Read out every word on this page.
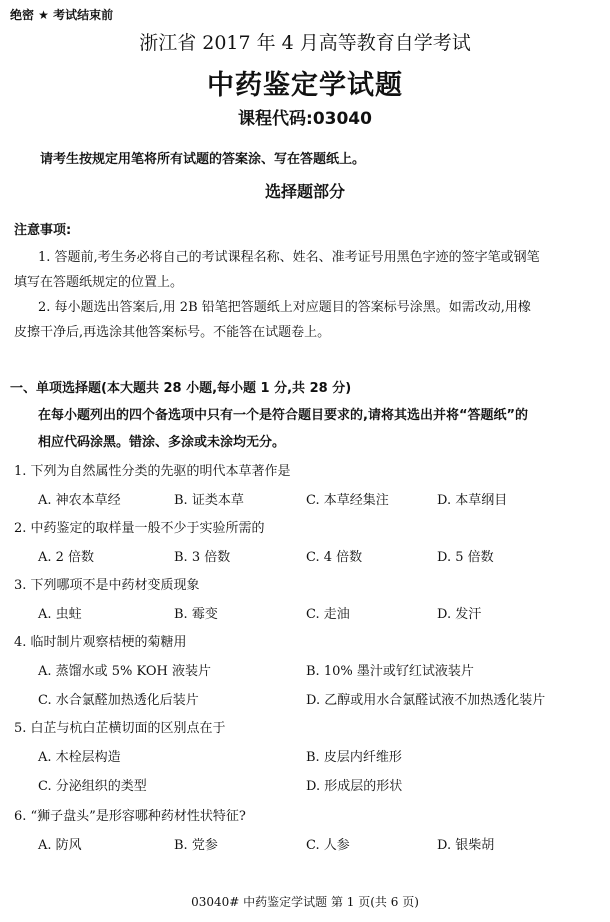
绝密 ★ 考试结束前
浙江省 2017 年 4 月高等教育自学考试
中药鉴定学试题
课程代码:03040
请考生按规定用笔将所有试题的答案涂、写在答题纸上。
选择题部分
注意事项:
1. 答题前,考生务必将自己的考试课程名称、姓名、准考证号用黑色字迹的签字笔或钢笔
填写在答题纸规定的位置上。
2. 每小题选出答案后,用 2B 铅笔把答题纸上对应题目的答案标号涂黑。如需改动,用橡
皮擦干净后,再选涂其他答案标号。不能答在试题卷上。
一、单项选择题(本大题共 28 小题,每小题 1 分,共 28 分)
在每小题列出的四个备选项中只有一个是符合题目要求的,请将其选出并将“答题纸”的
相应代码涂黑。错涂、多涂或未涂均无分。
1. 下列为自然属性分类的先驱的明代本草著作是
A. 神农本草经	B. 证类本草	C. 本草经集注	D. 本草纲目
2. 中药鉴定的取样量一般不少于实验所需的
A. 2 倍数	B. 3 倍数	C. 4 倍数	D. 5 倍数
3. 下列哪项不是中药材变质现象
A. 虫蛀	B. 霉变	C. 走油	D. 发汗
4. 临时制片观察桔梗的菊糖用
A. 蒸馏水或 5% KOH 液装片	B. 10% 墨汁或钌红试液装片
C. 水合氯醛加热透化后装片	D. 乙醇或用水合氯醛试液不加热透化装片
5. 白芷与杭白芷横切面的区别点在于
A. 木栓层构造	B. 皮层内纤维形
C. 分泌组织的类型	D. 形成层的形状
6. “狮子盘头”是形容哪种药材性状特征?
A. 防风	B. 党参	C. 人参	D. 银柴胡
03040# 中药鉴定学试题 第 1 页(共 6 页)
